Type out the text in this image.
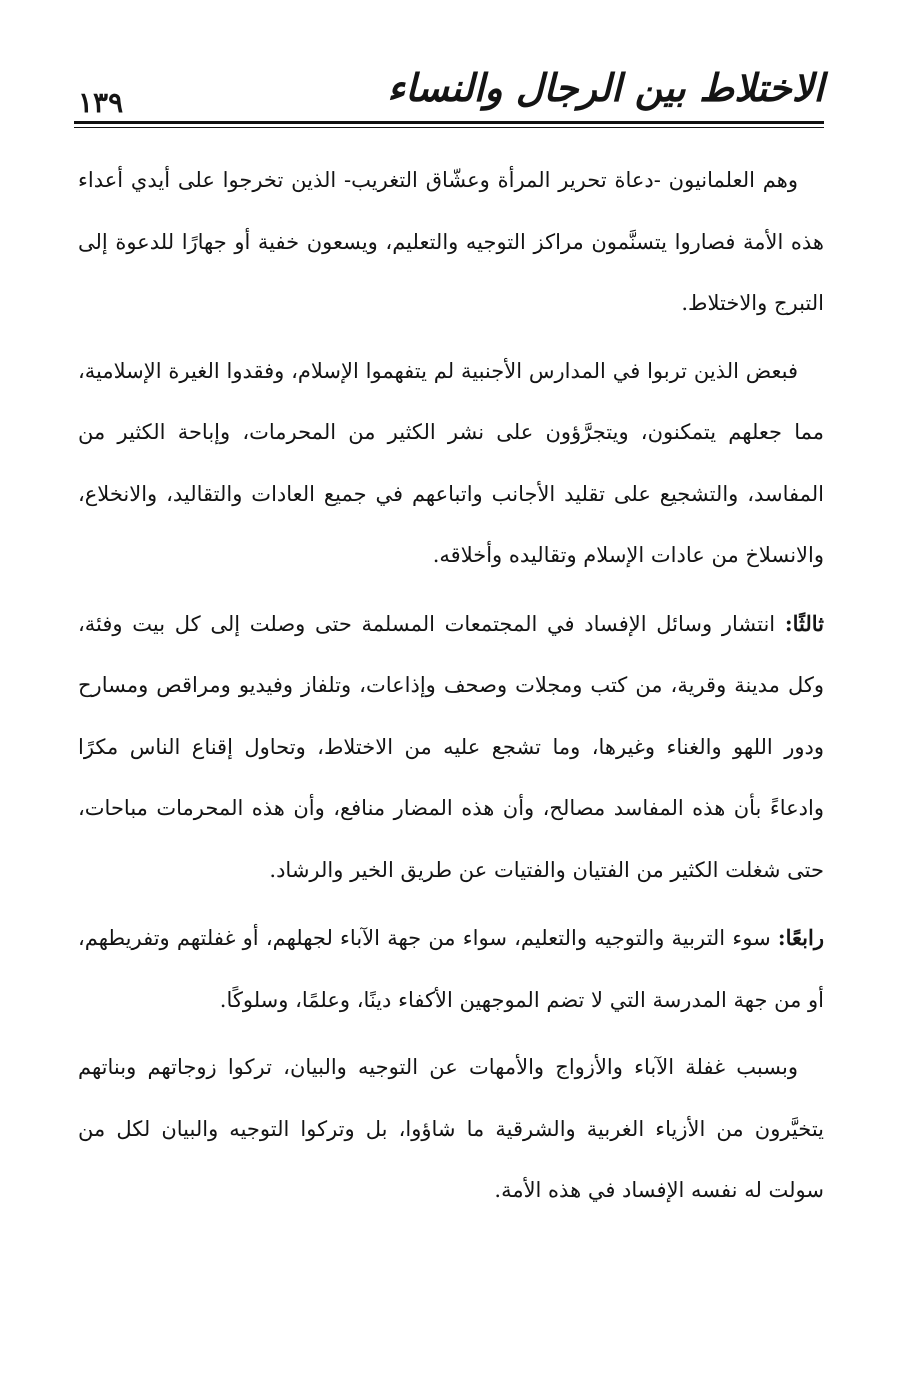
الاختلاط بين الرجال والنساء
١٣٩

وهم العلمانيون -دعاة تحرير المرأة وعشّاق التغريب- الذين تخرجوا على أيدي أعداء هذه الأمة فصاروا يتسنَّمون مراكز التوجيه والتعليم، ويسعون خفية أو جهارًا للدعوة إلى التبرج والاختلاط.

فبعض الذين تربوا في المدارس الأجنبية لم يتفهموا الإسلام، وفقدوا الغيرة الإسلامية، مما جعلهم يتمكنون، ويتجرَّؤون على نشر الكثير من المحرمات، وإباحة الكثير من المفاسد، والتشجيع على تقليد الأجانب واتباعهم في جميع العادات والتقاليد، والانخلاع، والانسلاخ من عادات الإسلام وتقاليده وأخلاقه.

ثالثًا: انتشار وسائل الإفساد في المجتمعات المسلمة حتى وصلت إلى كل بيت وفئة، وكل مدينة وقرية، من كتب ومجلات وصحف وإذاعات، وتلفاز وفيديو ومراقص ومسارح ودور اللهو والغناء وغيرها، وما تشجع عليه من الاختلاط، وتحاول إقناع الناس مكرًا وادعاءً بأن هذه المفاسد مصالح، وأن هذه المضار منافع، وأن هذه المحرمات مباحات، حتى شغلت الكثير من الفتيان والفتيات عن طريق الخير والرشاد.

رابعًا: سوء التربية والتوجيه والتعليم، سواء من جهة الآباء لجهلهم، أو غفلتهم وتفريطهم، أو من جهة المدرسة التي لا تضم الموجهين الأكفاء دينًا، وعلمًا، وسلوكًا.

وبسبب غفلة الآباء والأزواج والأمهات عن التوجيه والبيان، تركوا زوجاتهم وبناتهم يتخيَّرون من الأزياء الغربية والشرقية ما شاؤوا، بل وتركوا التوجيه والبيان لكل من سولت له نفسه الإفساد في هذه الأمة.
